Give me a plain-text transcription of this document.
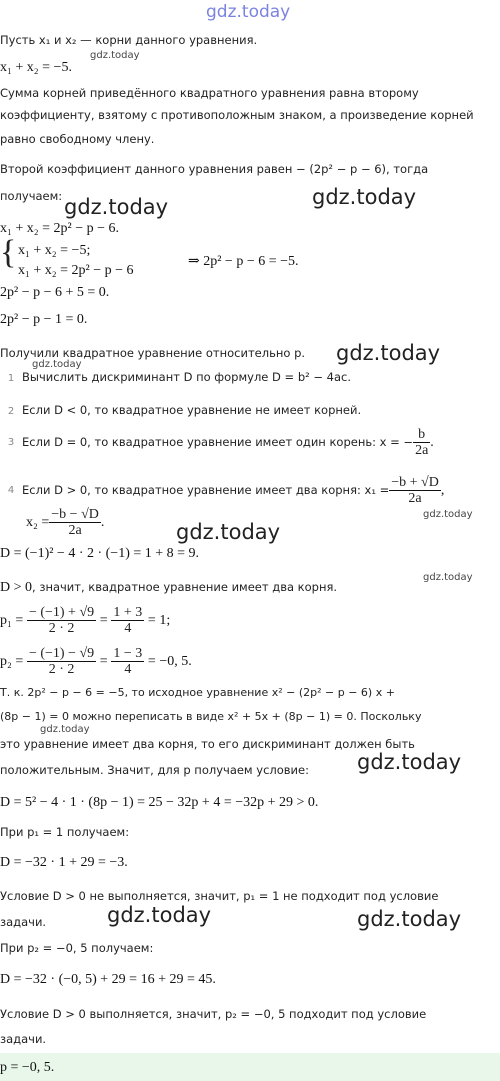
gdz.today
Пусть x₁ и x₂ — корни данного уравнения.
gdz.today
x₁ + x₂ = −5.
Сумма корней приведённого квадратного уравнения равна второму
коэффициенту, взятому с противоположным знаком, а произведение корней
равно свободному члену.
Второй коэффициент данного уравнения равен − (2p² − p − 6), тогда
получаем: gdz.today	gdz.today
x₁ + x₂ = 2p² − p − 6.
{ x₁ + x₂ = −5;
x₁ + x₂ = 2p² − p − 6
⇒ 2p² − p − 6 = −5.
2p² − p − 6 + 5 = 0.
2p² − p − 1 = 0.
Получили квадратное уравнение относительно p. gdz.today
gdz.today
1 Вычислить дискриминант D по формуле D = b² − 4ac.
2 Если D < 0, то квадратное уравнение не имеет корней.
3 Если D = 0, то квадратное уравнение имеет один корень: x = − $\frac{b}{2a}$ .
4 Если D > 0, то квадратное уравнение имеет два корня: $x_1 = \frac{-b + √D}{2a}$ ,
gdz.today
$x_2 = \frac{-b - √D}{2a}$ .	gdz.today
D = (−1)² − 4 · 2 · (−1) = 1 + 8 = 9.
gdz.today
D > 0, значит, квадратное уравнение имеет два корня.
$p_1 = \frac{- (-1) + √9}{2 \cdot 2} = \frac{1 + 3}{4} = 1$;
$p_2 = \frac{- (-1) - √9}{2 \cdot 2} = \frac{1 - 3}{4} = -0$, 5.
Т. к. 2p² − p − 6 = −5, то исходное уравнение x² − (2p² − p − 6) x +
(8p − 1) = 0 можно переписать в виде x² + 5x + (8p − 1) = 0. Поскольку
gdz.today
это уравнение имеет два корня, то его дискриминант должен быть
gdz.today
положительным. Значит, для p получаем условие:
D = 5² − 4 · 1 · (8p − 1) = 25 − 32p + 4 = −32p + 29 > 0.
При p₁ = 1 получаем:
D = −32 · 1 + 29 = −3.
Условие D > 0 не выполняется, значит, p₁ = 1 не подходит под условие
задачи.	gdz.today	gdz.today
При p₂ = −0, 5 получаем:
D = −32 · (−0, 5) + 29 = 16 + 29 = 45.
Условие D > 0 выполняется, значит, p₂ = −0, 5 подходит под условие
задачи.
p = −0, 5.
